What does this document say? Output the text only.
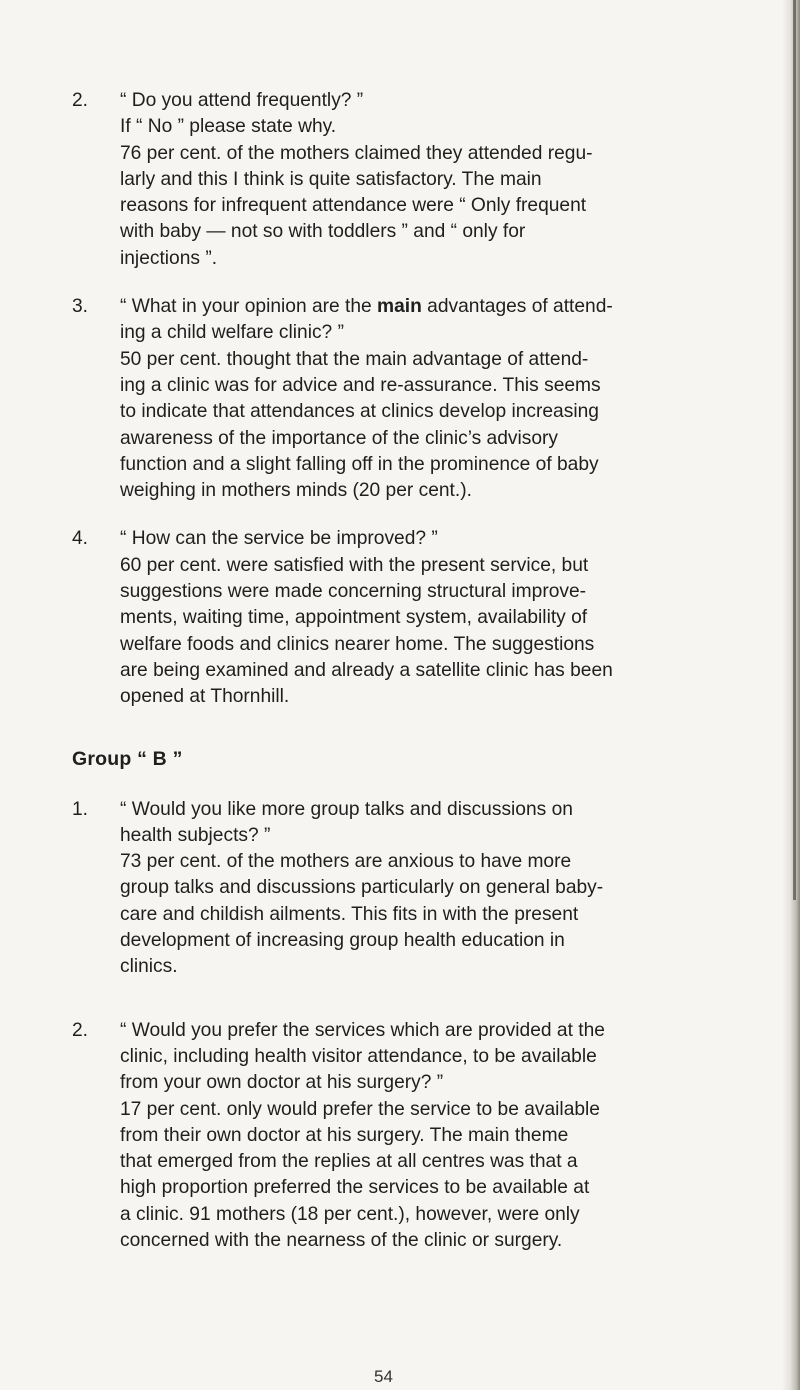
2. “ Do you attend frequently? ”

If “ No ” please state why.

76 per cent. of the mothers claimed they attended regu-

larly and this I think is quite satisfactory. The main

reasons for infrequent attendance were “ Only frequent

with baby — not so with toddlers ” and “ only for

injections ”.

3. “ What in your opinion are the main advantages of attend-

ing a child welfare clinic? ”

50 per cent. thought that the main advantage of attend-

ing a clinic was for advice and re-assurance. This seems

to indicate that attendances at clinics develop increasing

awareness of the importance of the clinic’s advisory

function and a slight falling off in the prominence of baby

weighing in mothers minds (20 per cent.).

4. “ How can the service be improved? ”

60 per cent. were satisfied with the present service, but

suggestions were made concerning structural improve-

ments, waiting time, appointment system, availability of

welfare foods and clinics nearer home. The suggestions

are being examined and already a satellite clinic has been

opened at Thornhill.

Group “ B ”
1. “ Would you like more group talks and discussions on

health subjects? ”

73 per cent. of the mothers are anxious to have more

group talks and discussions particularly on general baby-

care and childish ailments. This fits in with the present

development of increasing group health education in

clinics.

2. “ Would you prefer the services which are provided at the

clinic, including health visitor attendance, to be available

from your own doctor at his surgery? ”

17 per cent. only would prefer the service to be available

from their own doctor at his surgery. The main theme

that emerged from the replies at all centres was that a

high proportion preferred the services to be available at

a clinic. 91 mothers (18 per cent.), however, were only

concerned with the nearness of the clinic or surgery.

54
